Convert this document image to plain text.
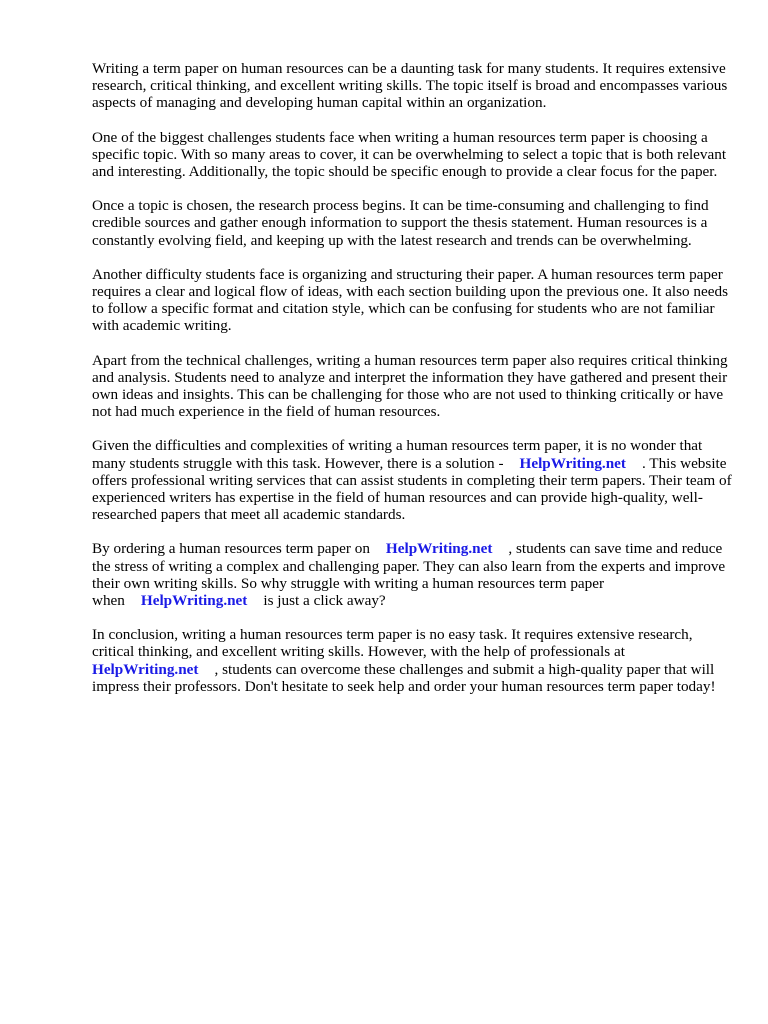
Writing a term paper on human resources can be a daunting task for many students. It requires extensive research, critical thinking, and excellent writing skills. The topic itself is broad and encompasses various aspects of managing and developing human capital within an organization.

One of the biggest challenges students face when writing a human resources term paper is choosing a specific topic. With so many areas to cover, it can be overwhelming to select a topic that is both relevant and interesting. Additionally, the topic should be specific enough to provide a clear focus for the paper.

Once a topic is chosen, the research process begins. It can be time-consuming and challenging to find credible sources and gather enough information to support the thesis statement. Human resources is a constantly evolving field, and keeping up with the latest research and trends can be overwhelming.

Another difficulty students face is organizing and structuring their paper. A human resources term paper requires a clear and logical flow of ideas, with each section building upon the previous one. It also needs to follow a specific format and citation style, which can be confusing for students who are not familiar with academic writing.

Apart from the technical challenges, writing a human resources term paper also requires critical thinking and analysis. Students need to analyze and interpret the information they have gathered and present their own ideas and insights. This can be challenging for those who are not used to thinking critically or have not had much experience in the field of human resources.

Given the difficulties and complexities of writing a human resources term paper, it is no wonder that many students struggle with this task. However, there is a solution - HelpWriting.net . This website offers professional writing services that can assist students in completing their term papers. Their team of experienced writers has expertise in the field of human resources and can provide high-quality, well-researched papers that meet all academic standards.

By ordering a human resources term paper on HelpWriting.net , students can save time and reduce the stress of writing a complex and challenging paper. They can also learn from the experts and improve their own writing skills. So why struggle with writing a human resources term paper when HelpWriting.net is just a click away?

In conclusion, writing a human resources term paper is no easy task. It requires extensive research, critical thinking, and excellent writing skills. However, with the help of professionals at HelpWriting.net , students can overcome these challenges and submit a high-quality paper that will impress their professors. Don't hesitate to seek help and order your human resources term paper today!
